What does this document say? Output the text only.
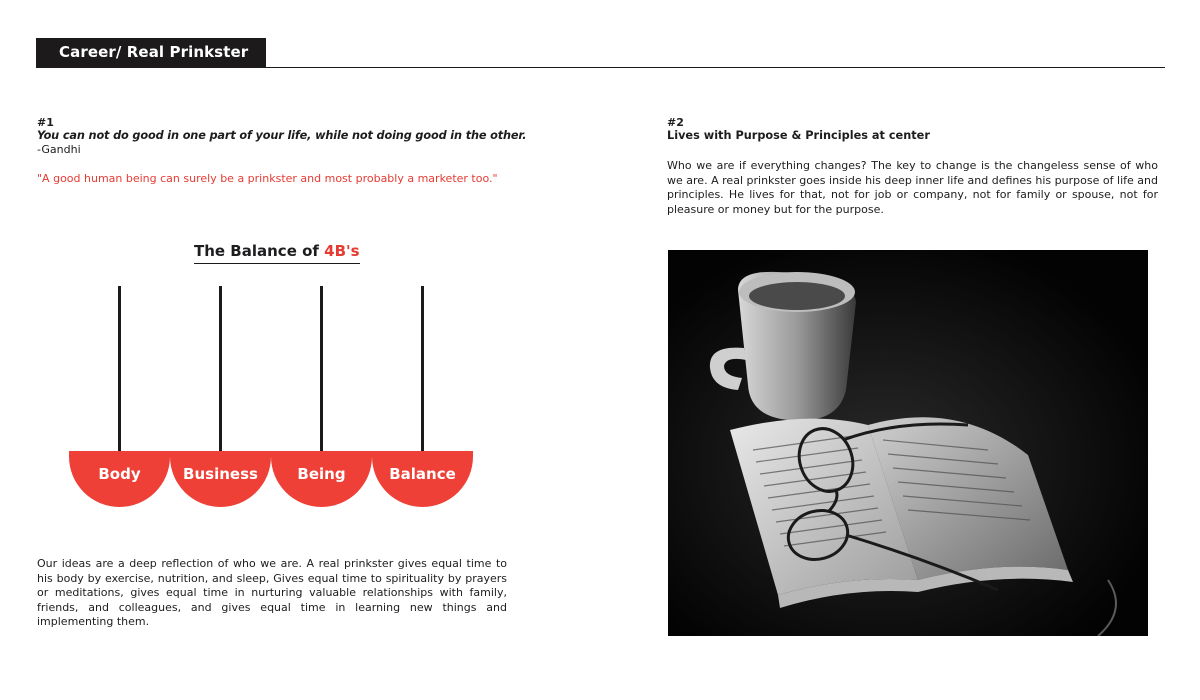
Career/ Real Prinkster
#1
You can not do good in one part of your life, while not doing good in the other.
-Gandhi
"A good human being can surely be a prinkster and most probably a marketer too."
The Balance of 4B's
Body	Business	Being	Balance
Our ideas are a deep reflection of who we are. A real prinkster gives equal time to his body by exercise, nutrition, and sleep, Gives equal time to spirituality by prayers or meditations, gives equal time in nurturing valuable relationships with family, friends, and colleagues, and gives equal time in learning new things and implementing them.
#2
Lives with Purpose & Principles at center
Who we are if everything changes? The key to change is the changeless sense of who we are. A real prinkster goes inside his deep inner life and defines his purpose of life and principles. He lives for that, not for job or company, not for family or spouse, not for pleasure or money but for the purpose.
